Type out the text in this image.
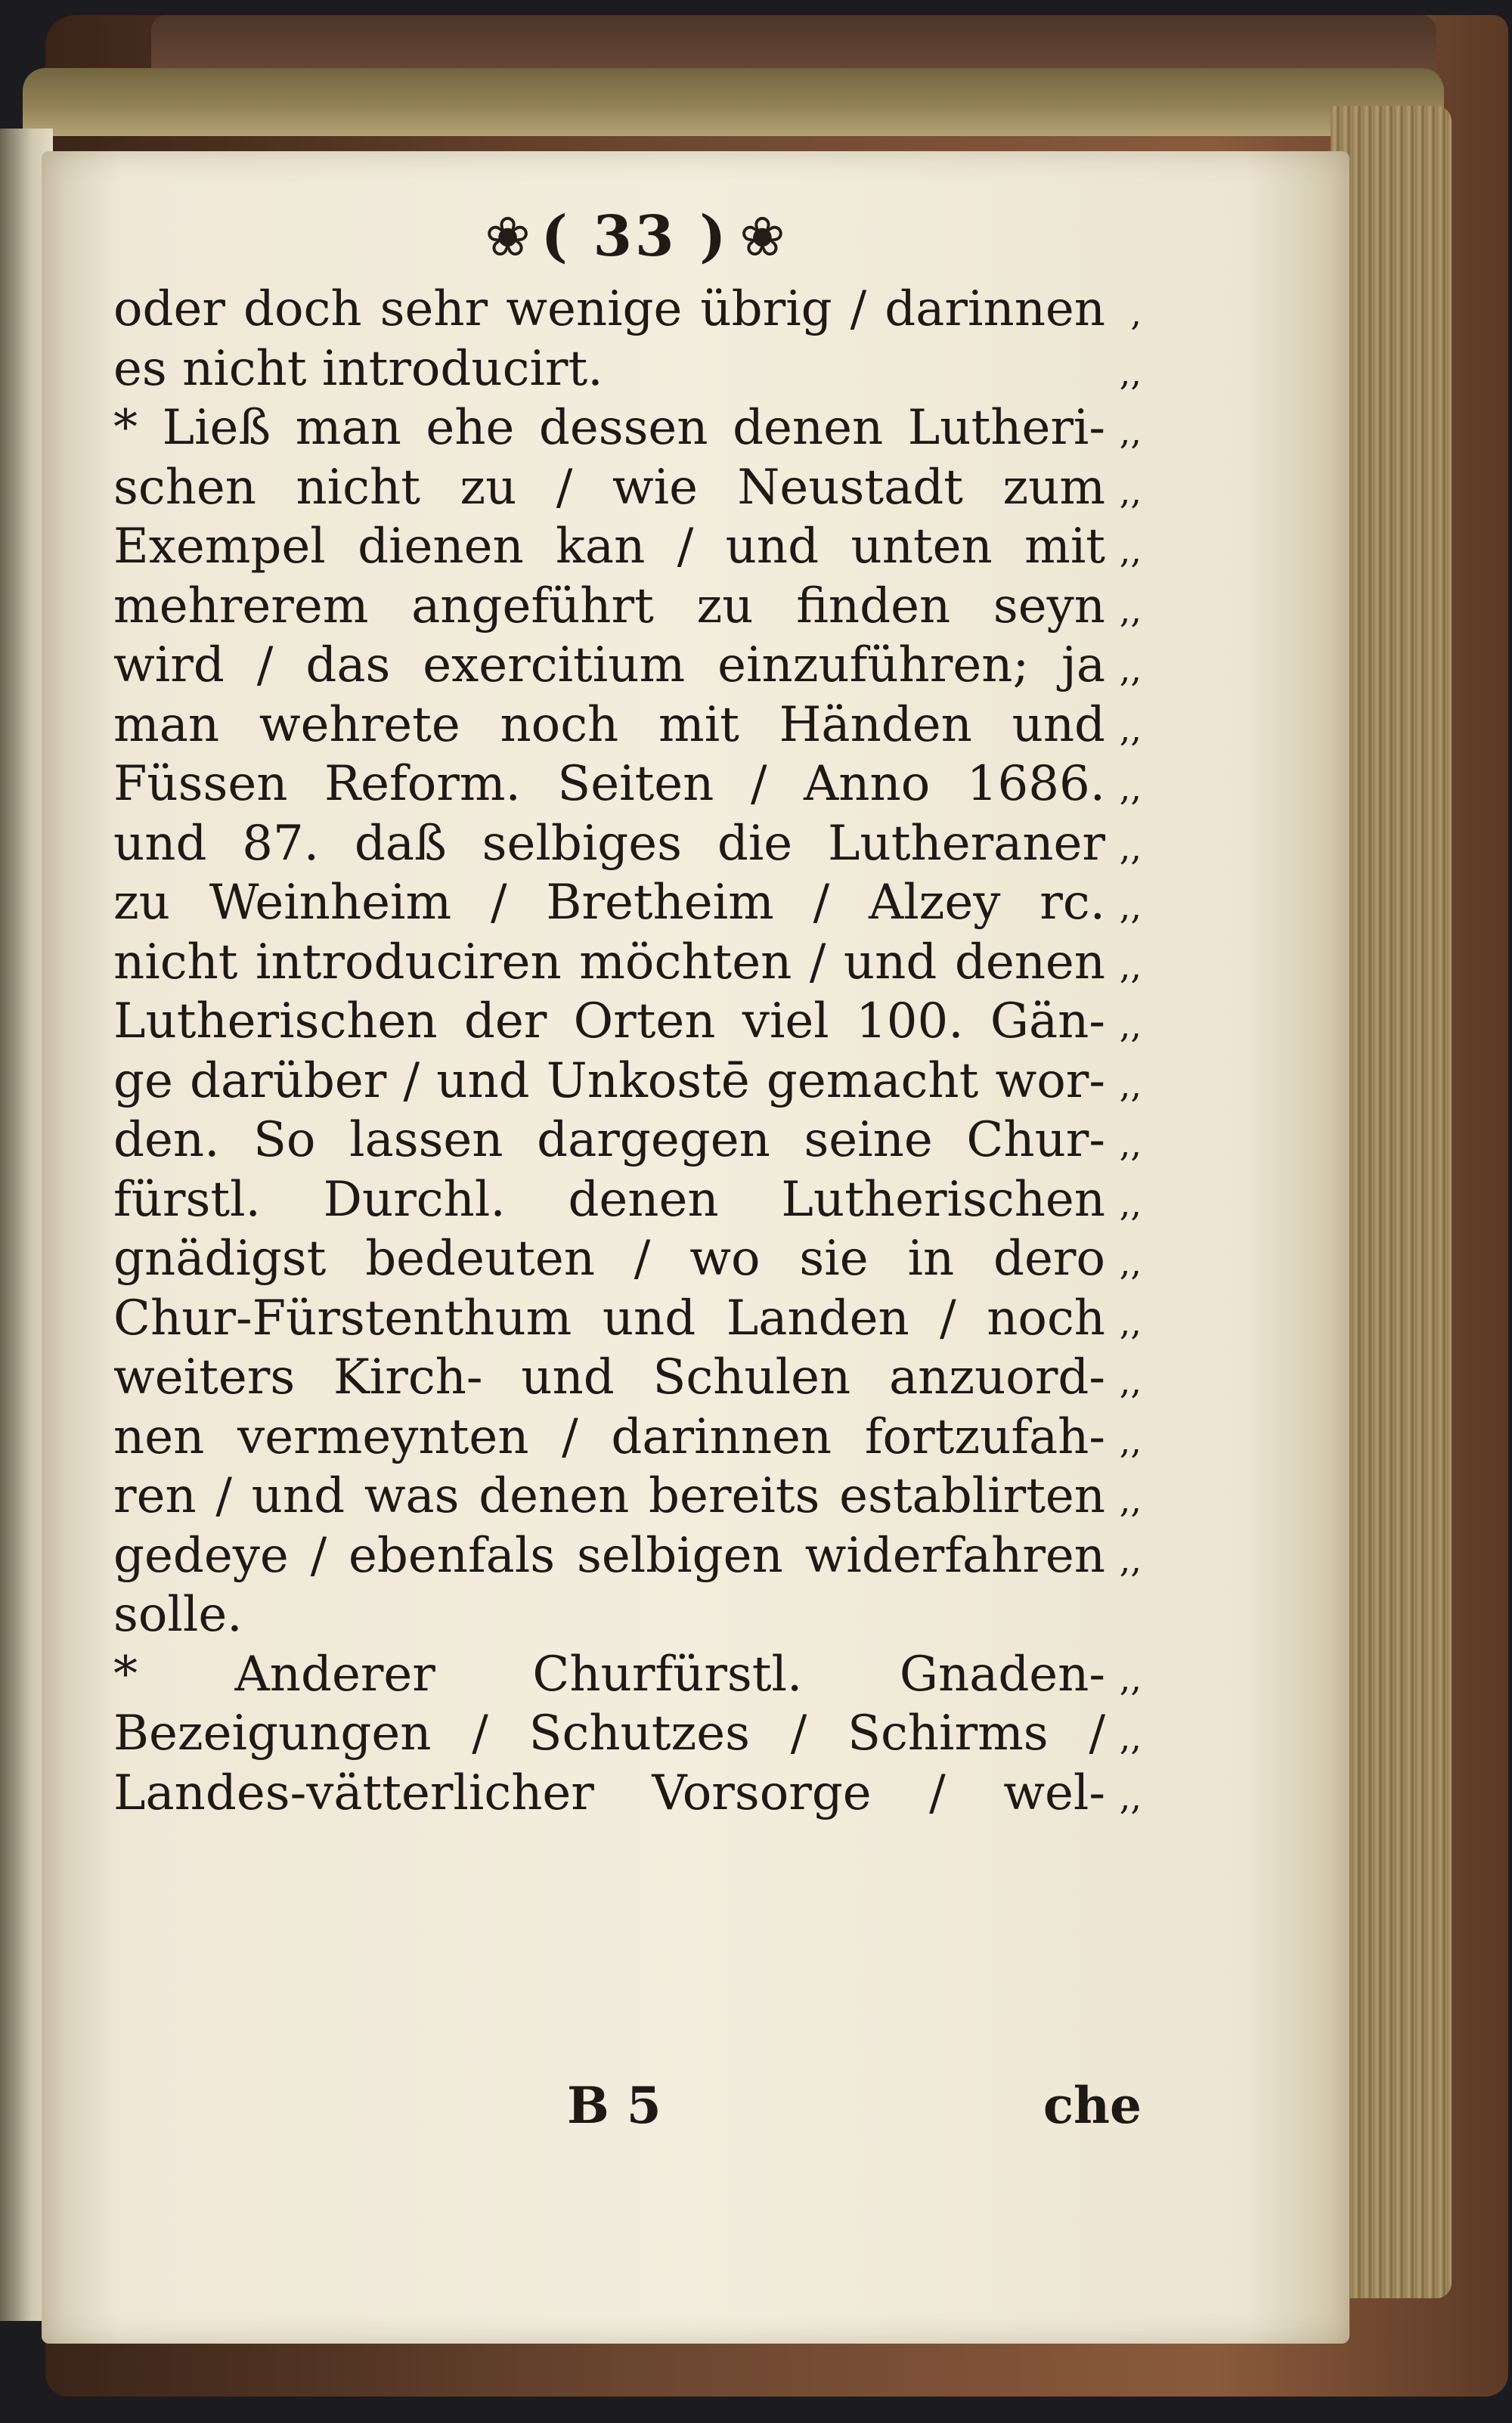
❀ ( 33 ) ❀
oder doch sehr wenige übrig / darinnen ,
es nicht introducirt.	,,
* Ließ man ehe dessen denen Lutheri- ,,
schen nicht zu / wie Neustadt zum ,,
Exempel dienen kan / und unten mit ,,
mehrerem angeführt zu finden seyn ,,
wird / das exercitium einzuführen; ja ,,
man wehrete noch mit Händen und ,,
Füssen Reform. Seiten / Anno 1686. ,,
und 87. daß selbiges die Lutheraner ,,
zu Weinheim / Bretheim / Alzey rc. ,,
nicht introduciren möchten / und denen ,,
Lutherischen der Orten viel 100. Gän- ,,
ge darüber / und Unkostē gemacht wor- ,,
den. So lassen dargegen seine Chur- ,,
fürstl. Durchl. denen Lutherischen ,,
gnädigst bedeuten / wo sie in dero ,,
Chur-Fürstenthum und Landen / noch ,,
weiters Kirch- und Schulen anzuord- ,,
nen vermeynten / darinnen fortzufah- ,,
ren / und was denen bereits establirten ,,
gedeye / ebenfals selbigen widerfahren ,,
solle.
* Anderer Churfürstl. Gnaden- ,,
Bezeigungen / Schutzes / Schirms / ,,
Landes-vätterlicher Vorsorge / wel- ,,
B 5	che
